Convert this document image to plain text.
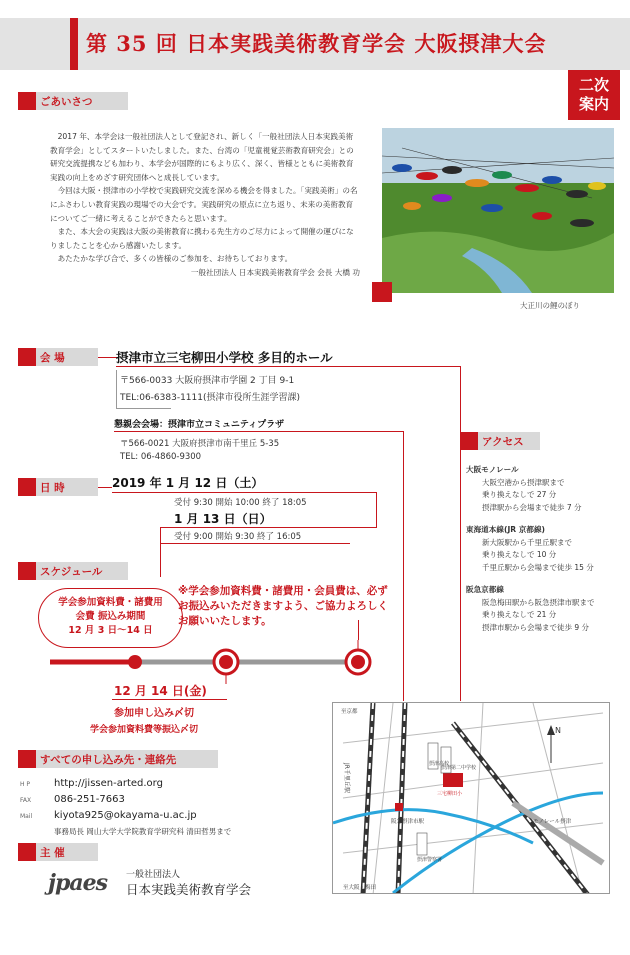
第 35 回 日本実践美術教育学会 大阪摂津大会
二次
案内
ごあいさつ

2017 年、本学会は一般社団法人として登記され、新しく「一般社団法人日本実践美術教育学会」としてスタートいたしました。また、台湾の「児童視覚芸術教育研究会」との研究交流提携なども加わり、本学会が国際的にもより広く、深く、皆様とともに美術教育実践の向上をめざす研究団体へと成長しています。

今回は大阪・摂津市の小学校で実践研究交流を深める機会を得ました。「実践美術」の名にふさわしい教育実践の現場での大会です。実践研究の原点に立ち返り、未来の美術教育についてご一緒に考えることができたらと思います。

また、本大会の実践は大阪の美術教育に携わる先生方のご尽力によって開催の運びになりましたことを心から感謝いたします。

あたたかな学び合で、多くの皆様のご参加を、お待ちしております。

一般社団法人 日本実践美術教育学会 会長 大橋 功

大正川の鯉のぼり
会 場	摂津市立三宅柳田小学校 多目的ホール
〒566-0033 大阪府摂津市学園 2 丁目 9-1
TEL:06-6383-1111(摂津市役所生涯学習課)
懇親会会場：摂津市立コミュニティプラザ
〒566-0021 大阪府摂津市南千里丘 5-35
TEL: 06-4860-9300
アクセス
大阪モノレール
大阪空港から摂津駅まで
乗り換えなしで 27 分
摂津駅から会場まで徒歩 7 分
東海道本線(JR 京都線)
新大阪駅から千里丘駅まで
乗り換えなしで 10 分
千里丘駅から会場まで徒歩 15 分
阪急京都線
阪急梅田駅から阪急摂津市駅まで
乗り換えなしで 21 分
摂津市駅から会場まで徒歩 9 分
日 時	2019 年 1 月 12 日（土）
受付 9:30 開始 10:00 終了 18:05
1 月 13 日（日）
受付 9:00 開始 9:30 終了 16:05
スケジュール
学会参加資料費・諸費用
会費 振込み期間
12 月 3 日〜14 日
※学会参加資料費・諸費用・会員費は、必ずお振込みいただきますよう、ご協力よろしくお願いいたします。
12 月 14 日(金)
参加申し込み〆切
学会参加資料費等振込〆切
すべての申し込み先・連絡先
H P http://jissen-arted.org
FAX 086-251-7663
Mail kiyota925@okayama-u.ac.jp
事務局長 岡山大学大学院教育学研究科 清田哲男まで
主 催
jpaes 一般社団法人
日本実践美術教育学会
N
至京都
JR千里丘駅	摂津高校
摂津第二中学校
阪急摂津市駅
摂津警察署
三宅柳田小
至大阪・梅田
モノレール摂津
